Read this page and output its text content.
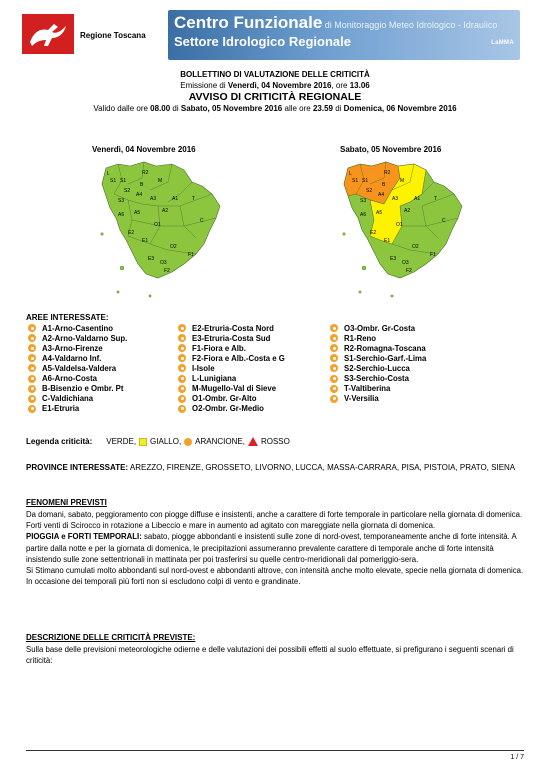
Regione Toscana
Centro Funzionale di Monitoraggio Meteo Idrologico - Idraulico
Settore Idrologico Regionale	LaMMA
BOLLETTINO DI VALUTAZIONE DELLE CRITICITÀ
Emissione di Venerdì, 04 Novembre 2016, ore 13.06
AVVISO DI CRITICITÀ REGIONALE
Valido dalle ore 08.00 di Sabato, 05 Novembre 2016 alle ore 23.59 di Domenica, 06 Novembre 2016
Venerdì, 04 Novembre 2016	Sabato, 05 Novembre 2016
L
S1
R2
S2
S3
B
M
A4
A3	A1
A6 A5	A2
T
C
O1
E2
E1
O2
E3
O3
F1
F2
S1
L
S1
R2
S2
S3
B
M
A4
A3	A1
A6 A5	A2
T
C
O1
E2
E1
O2
E3
O3
F1
F2
S1
AREE INTERESSATE:
A1-Arno-Casentino
A2-Arno-Valdarno Sup.
A3-Arno-Firenze
A4-Valdarno Inf.
A5-Valdelsa-Valdera
A6-Arno-Costa
B-Bisenzio e Ombr. Pt
C-Valdichiana
E1-Etruria
E2-Etruria-Costa Nord
E3-Etruria-Costa Sud
F1-Fiora e Alb.
F2-Fiora e Alb.-Costa e G
I-Isole
L-Lunigiana
M-Mugello-Val di Sieve
O1-Ombr. Gr-Alto
O2-Ombr. Gr-Medio
O3-Ombr. Gr-Costa
R1-Reno
R2-Romagna-Toscana
S1-Serchio-Garf.-Lima
S2-Serchio-Lucca
S3-Serchio-Costa
T-Valtiberina
V-Versilia
Legenda criticità: VERDE, GIALLO, ARANCIONE, ROSSO
PROVINCE INTERESSATE: AREZZO, FIRENZE, GROSSETO, LIVORNO, LUCCA, MASSA-CARRARA, PISA, PISTOIA, PRATO, SIENA
FENOMENI PREVISTI

Da domani, sabato, peggioramento con piogge diffuse e insistenti, anche a carattere di forte temporale in particolare nella giornata di domenica. Forti venti di Scirocco in rotazione a Libeccio e mare in aumento ad agitato con mareggiate nella giornata di domenica.

PIOGGIA e FORTI TEMPORALI: sabato, piogge abbondanti e insistenti sulle zone di nord-ovest, temporaneamente anche di forte intensità. A partire dalla notte e per la giornata di domenica, le precipitazioni assumeranno prevalente carattere di temporale anche di forte intensità insistendo sulle zone settentrionali in mattinata per poi trasferirsi su quelle centro-meridionali dal pomeriggio-sera.

Si Stimano cumulati molto abbondanti sul nord-ovest e abbondanti altrove, con intensità anche molto elevate, specie nella giornata di domenica. In occasione dei temporali più forti non si escludono colpi di vento e grandinate.

DESCRIZIONE DELLE CRITICITÀ PREVISTE:
Sulla base delle previsioni meteorologiche odierne e delle valutazioni dei possibili effetti al suolo effettuate, si prefigurano i seguenti scenari di criticità:
1 / 7
